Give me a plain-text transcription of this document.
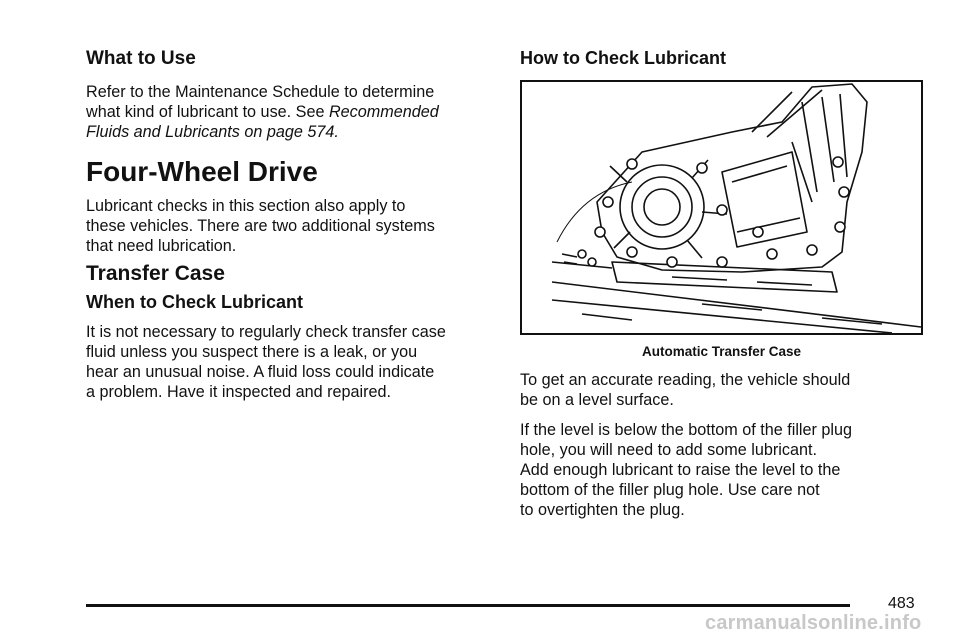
What to Use

Refer to the Maintenance Schedule to determine
what kind of lubricant to use. See Recommended
Fluids and Lubricants on page 574.

Four-Wheel Drive

Lubricant checks in this section also apply to
these vehicles. There are two additional systems
that need lubrication.

Transfer Case
When to Check Lubricant

It is not necessary to regularly check transfer case
fluid unless you suspect there is a leak, or you
hear an unusual noise. A fluid loss could indicate
a problem. Have it inspected and repaired.

How to Check Lubricant
Automatic Transfer Case

To get an accurate reading, the vehicle should
be on a level surface.

If the level is below the bottom of the filler plug
hole, you will need to add some lubricant.
Add enough lubricant to raise the level to the
bottom of the filler plug hole. Use care not
to overtighten the plug.

483
carmanualsonline.info
